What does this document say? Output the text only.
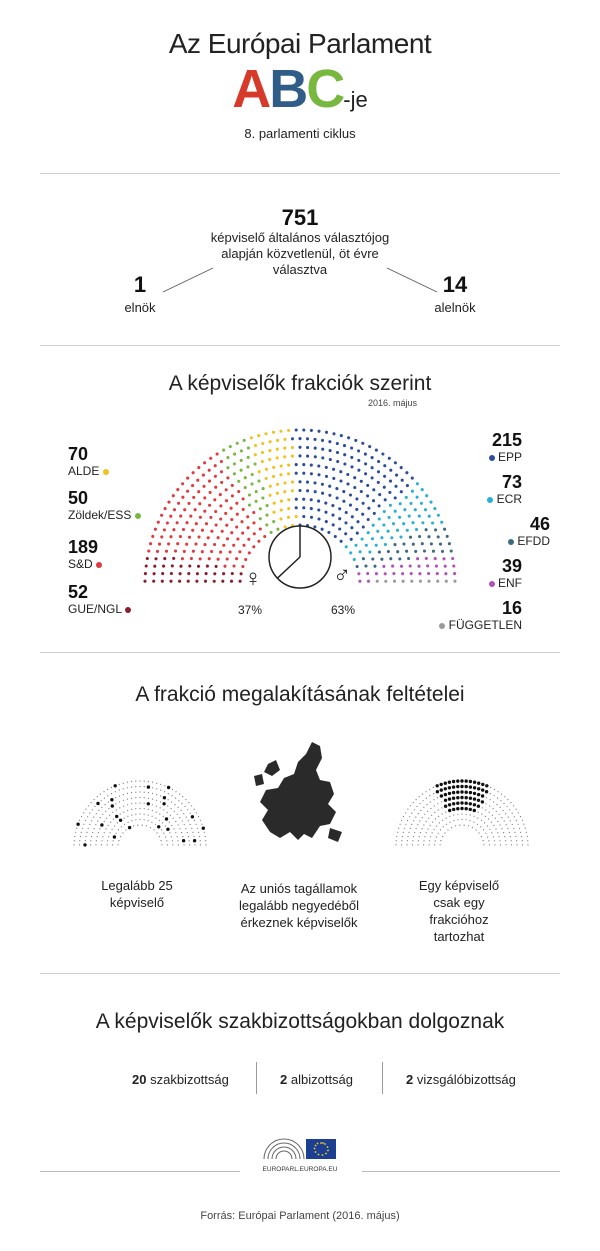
Az Európai Parlament
ABC-je
8. parlamenti ciklus
751
képviselő általános választójog alapján közvetlenül, öt évre választva
1
elnök
14
alelnök
A képviselők frakciók szerint
2016. május
70
ALDE
50
Zöldek/ESS
189
S&D
52
GUE/NGL
215
EPP
73
ECR
46
EFDD
39
ENF
16
FÜGGETLEN
♀	♂
37%	63%
A frakció megalakításának feltételei
Legalább 25 képviselő
Az uniós tagállamok legalább negyedéből érkeznek képviselők
Egy képviselő csak egy frakcióhoz tartozhat
A képviselők szakbizottságokban dolgoznak
20 szakbizottság	2 albizottság	2 vizsgálóbizottság
EUROPARL.EUROPA.EU
Forrás: Európai Parlament (2016. május)
